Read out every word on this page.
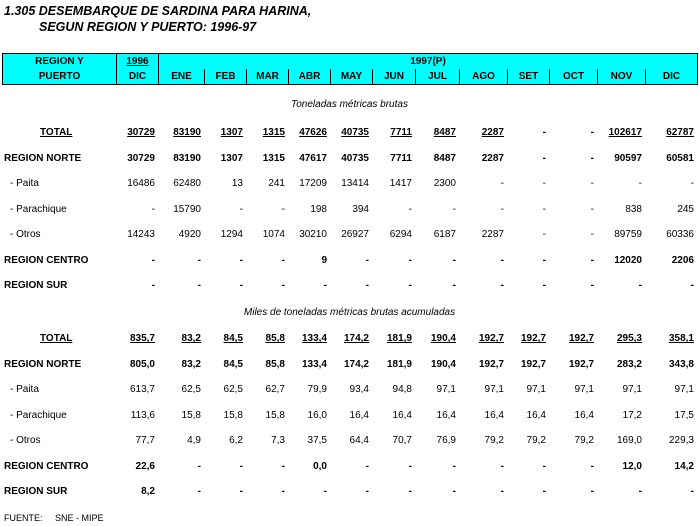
1.305 DESEMBARQUE DE SARDINA PARA HARINA,
SEGUN REGION Y PUERTO: 1996-97
REGION Y	1996	1997(P)											
PUERTO	DIC	ENE	FEB	MAR	ABR	MAY	JUN	JUL	AGO	SET	OCT	NOV	DIC
Toneladas métricas brutas
TOTAL	30729	83190	1307	1315	47626	40735	7711	8487	2287	-	-	102617	62787
REGION NORTE	30729	83190	1307	1315	47617	40735	7711	8487	2287	-	-	90597	60581
- Paita	16486	62480	13	241	17209	13414	1417	2300	-	-	-	-	-
- Parachique	-	15790	-	-	198	394	-	-	-	-	-	838	245
- Otros	14243	4920	1294	1074	30210	26927	6294	6187	2287	-	-	89759	60336
REGION CENTRO	-	-	-	-	9	-	-	-	-	-	-	12020	2206
REGION SUR	-	-	-	-	-	-	-	-	-	-	-	-	-
Miles de toneladas métricas brutas acumuladas
TOTAL	835,7	83,2	84,5	85,8	133,4	174,2	181,9	190,4	192,7	192,7	192,7	295,3	358,1
REGION NORTE	805,0	83,2	84,5	85,8	133,4	174,2	181,9	190,4	192,7	192,7	192,7	283,2	343,8
- Paita	613,7	62,5	62,5	62,7	79,9	93,4	94,8	97,1	97,1	97,1	97,1	97,1	97,1
- Parachique	113,6	15,8	15,8	15,8	16,0	16,4	16,4	16,4	16,4	16,4	16,4	17,2	17,5
- Otros	77,7	4,9	6,2	7,3	37,5	64,4	70,7	76,9	79,2	79,2	79,2	169,0	229,3
REGION CENTRO	22,6	-	-	-	0,0	-	-	-	-	-	-	12,0	14,2
REGION SUR	8,2	-	-	-	-	-	-	-	-	-	-	-	-
FUENTE: SNE - MIPE
